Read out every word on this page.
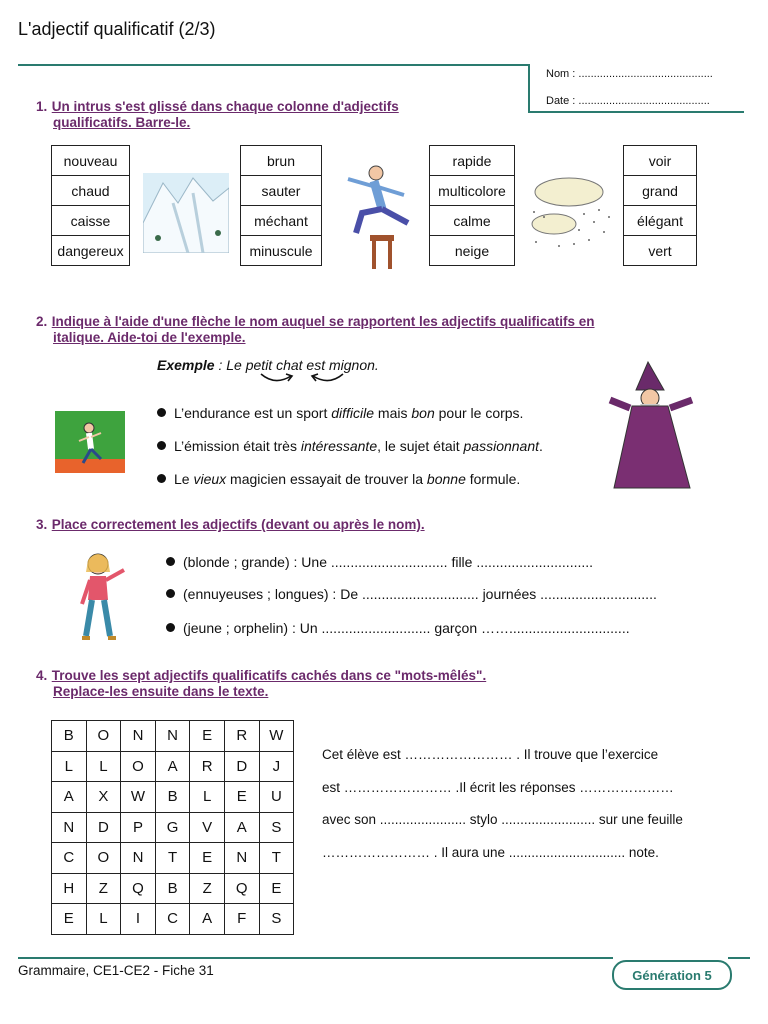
L'adjectif qualificatif (2/3)
Nom : ............................................
Date : ...........................................
1. Un intrus s'est glissé dans chaque colonne d'adjectifs
qualificatifs. Barre-le.
nouveau
chaud
caisse
dangereux
brun
sauter
méchant
minuscule
rapide
multicolore
calme
neige
voir
grand
élégant
vert
2. Indique à l'aide d'une flèche le nom auquel se rapportent les adjectifs qualificatifs en
italique. Aide-toi de l'exemple.
Exemple : Le petit chat est mignon.
L’endurance est un sport difficile mais bon pour le corps.
L’émission était très intéressante, le sujet était passionnant.
Le vieux magicien essayait de trouver la bonne formule.
3. Place correctement les adjectifs (devant ou après le nom).
(blonde ; grande) : Une .............................. fille ..............................
(ennuyeuses ; longues) : De .............................. journées ..............................
(jeune ; orphelin) : Un ............................ garçon ……...............................
4. Trouve les sept adjectifs qualificatifs cachés dans ce "mots-mêlés".
Replace-les ensuite dans le texte.
B	O	N	N	E	R	W
L	L	O	A	R	D	J
A	X	W	B	L	E	U
N	D	P	G	V	A	S
C	O	N	T	E	N	T
H	Z	Q	B	Z	Q	E
E	L	I	C	A	F	S
Cet élève est …………………… . Il trouve que l’exercice
est …………………… .Il écrit les réponses …………………
avec son ....................... stylo ......................... sur une feuille
…………………… . Il aura une ............................... note.
Grammaire, CE1-CE2 - Fiche 31	Génération 5
